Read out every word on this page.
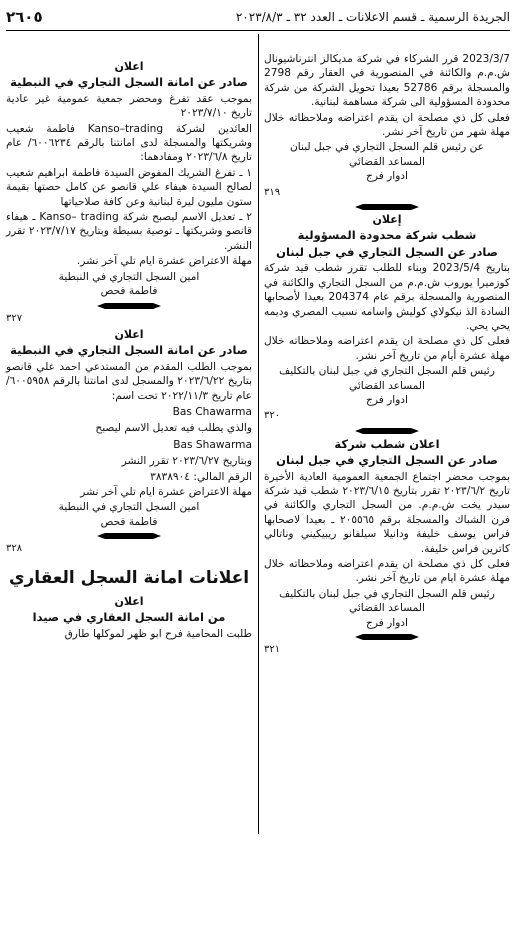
الجريدة الرسمية ـ قسم الاعلانات ـ العدد ٣٢ ـ ٢٠٢٣/٨/٣
٢٦٠٥

2023/3/7 قرر الشركاء في شركة مديكالز انترناشيونال ش.م.م والكائنة في المنصورية في العقار رقم 2798 والمسجلة برقم 52786 بعيدا تحويل الشركة من شركة محدودة المسؤولية الى شركة مساهمة لبنانية.

فعلى كل ذي مصلحة ان يقدم اعتراضه وملاحظاته خلال مهلة شهر من تاريخ آخر نشر.

عن رئيس قلم السجل التجاري في جبل لبنان

المساعد القضائي

ادوار فرج

٣١٩

إعلان
شطب شركة محدودة المسؤولية
صادر عن السجل التجاري في جبل لبنان

بتاريخ 2023/5/4 وبناء للطلب تقرر شطب قيد شركة كوزميرا يوروب ش.م.م من السجل التجاري والكائنة في المنصورية والمسجلة برقم عام 204374 بعيدا لأصحابها السادة الذ نيكولاي كوليش واسامه نسيب المصري وديمه يحي يحي.

فعلى كل ذي مصلحة ان يقدم اعتراضه وملاحظاته خلال مهلة عشرة أيام من تاريخ آخر نشر.

رئيس قلم السجل التجاري في جبل لبنان بالتكليف

المساعد القضائي

ادوار فرج

٣٢٠

اعلان شطب شركة
صادر عن السجل التجاري في جبل لبنان

بموجب محضر اجتماع الجمعية العمومية العادية الأخيرة تاريخ ٢٠٢٣/٦/٢ تقرر بتاريخ ٢٠٢٣/٦/١٥ شطب قيد شركة سيدر يخت ش.م.م. من السجل التجاري والكائنة في فرن الشباك والمسجلة برقم ٢٠٥٥٦٥ ـ بعيدا لاصحابها فراس يوسف خليفة ودانيلا سيلفانو ريبيكيني وناتالي كاترين فراس خليفة.

فعلى كل ذي مصلحة ان يقدم اعتراضه وملاحظاته خلال مهلة عشرة ايام من تاريخ آخر نشر.

رئيس قلم السجل التجاري في جبل لبنان بالتكليف

المساعد القضائي

ادوار فرج

٣٢١

اعلان
صادر عن امانة السجل التجاري في النبطية

بموجب عقد تفرغ ومحضر جمعية عمومية غير عادية تاريخ ٢٠٢٣/٧/١٠

العائدين لشركة Kanso–trading فاطمة شعيب وشريكتها والمسجلة لدى امانتنا بالرقم ٦٠٠٦٢٣٤/ عام تاريخ ٢٠٢٣/٦/٨ ومفادهما:

١ ـ تفرغ الشريك المفوض السيدة فاطمة ابراهيم شعيب لصالح السيدة هيفاء علي قانصو عن كامل حصتها بقيمة ستون مليون ليرة لبنانية وعن كافة صلاحياتها

٢ ـ تعديل الاسم ليصبح شركة Kanso– trading ـ هيفاء قانصو وشريكتها ـ توصية بسيطة وبتاريخ ٢٠٢٣/٧/١٧ تقرر النشر.

مهلة الاعتراض عشرة ايام تلي آخر نشر.

امين السجل التجاري في النبطية

فاطمة فحص

٣٢٧

اعلان
صادر عن امانة السجل التجاري في النبطية

بموجب الطلب المقدم من المستدعي احمد علي قانصو بتاريخ ٢٠٢٣/٦/٢٢ والمسجل لدى امانتنا بالرقم ٦٠٠٥٩٥٨/عام تاريخ ٢٠٢٢/١١/٣ تحت اسم:

Bas Chawarma

والذي يطلب فيه تعديل الاسم ليصبح

Bas Shawarma

وبتاريخ ٢٠٢٣/٦/٢٧ تقرر النشر

الرقم المالي: ٣٨٣٨٩٠٤

مهلة الاعتراض عشرة ايام تلي آخر نشر

امين السجل التجاري في النبطية

فاطمة فحص

٣٢٨

اعلانات امانة السجل العقاري
اعلان
من امانة السجل العقاري في صيدا

طلبت المحامية فرح ابو ظهر لموكلها طارق
